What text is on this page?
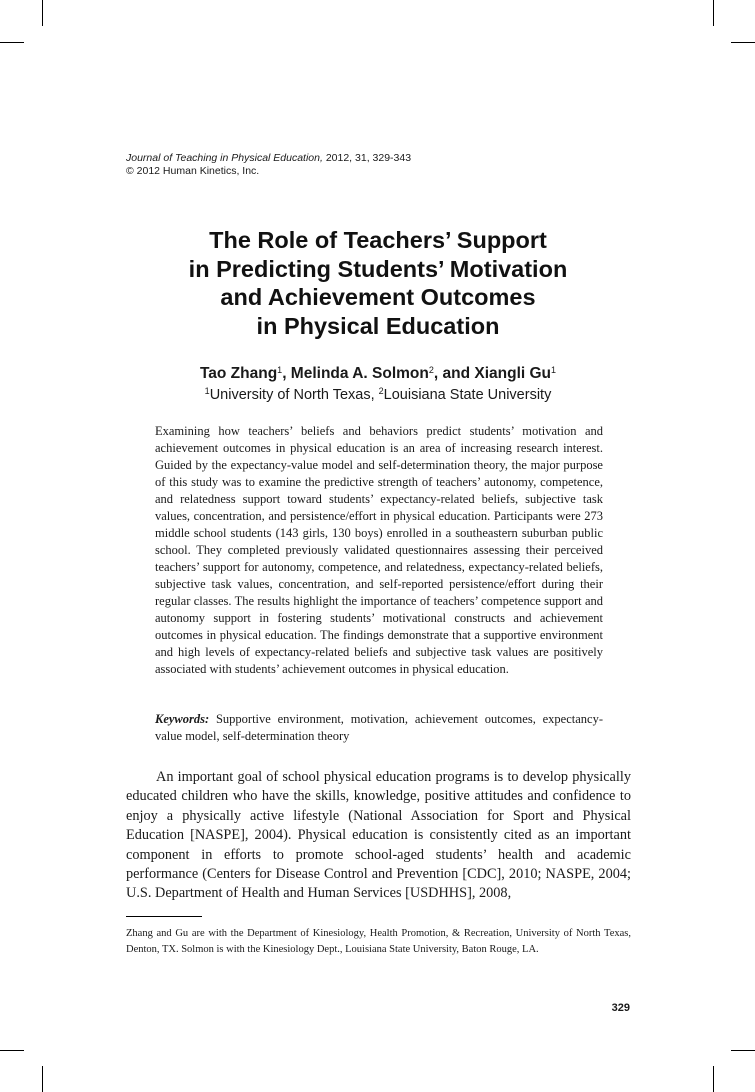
Journal of Teaching in Physical Education, 2012, 31, 329-343
© 2012 Human Kinetics, Inc.
The Role of Teachers’ Support
in Predicting Students’ Motivation
and Achievement Outcomes
in Physical Education
Tao Zhang$^1$, Melinda A. Solmon$^2$, and Xiangli Gu$^1$
$^1$University of North Texas, $^2$Louisiana State University

Examining how teachers’ beliefs and behaviors predict students’ motivation and achievement outcomes in physical education is an area of increasing research interest. Guided by the expectancy-value model and self-determination theory, the major purpose of this study was to examine the predictive strength of teachers’ autonomy, competence, and relatedness support toward students’ expectancy-related beliefs, subjective task values, concentration, and persistence/effort in physical education. Participants were 273 middle school students (143 girls, 130 boys) enrolled in a southeastern suburban public school. They completed previously validated questionnaires assessing their perceived teachers’ support for autonomy, competence, and relatedness, expectancy-related beliefs, subjective task values, concentration, and self-reported persistence/effort during their regular classes. The results highlight the importance of teachers’ competence support and autonomy support in fostering students’ motivational constructs and achievement outcomes in physical education. The findings demonstrate that a supportive environment and high levels of expectancy-related beliefs and subjective task values are positively associated with students’ achievement outcomes in physical education.

Keywords: Supportive environment, motivation, achievement outcomes, expectancy-value model, self-determination theory

An important goal of school physical education programs is to develop physically educated children who have the skills, knowledge, positive attitudes and confidence to enjoy a physically active lifestyle (National Association for Sport and Physical Education [NASPE], 2004). Physical education is consistently cited as an important component in efforts to promote school-aged students’ health and academic performance (Centers for Disease Control and Prevention [CDC], 2010; NASPE, 2004; U.S. Department of Health and Human Services [USDHHS], 2008,

Zhang and Gu are with the Department of Kinesiology, Health Promotion, & Recreation, University of North Texas, Denton, TX. Solmon is with the Kinesiology Dept., Louisiana State University, Baton Rouge, LA.

329
